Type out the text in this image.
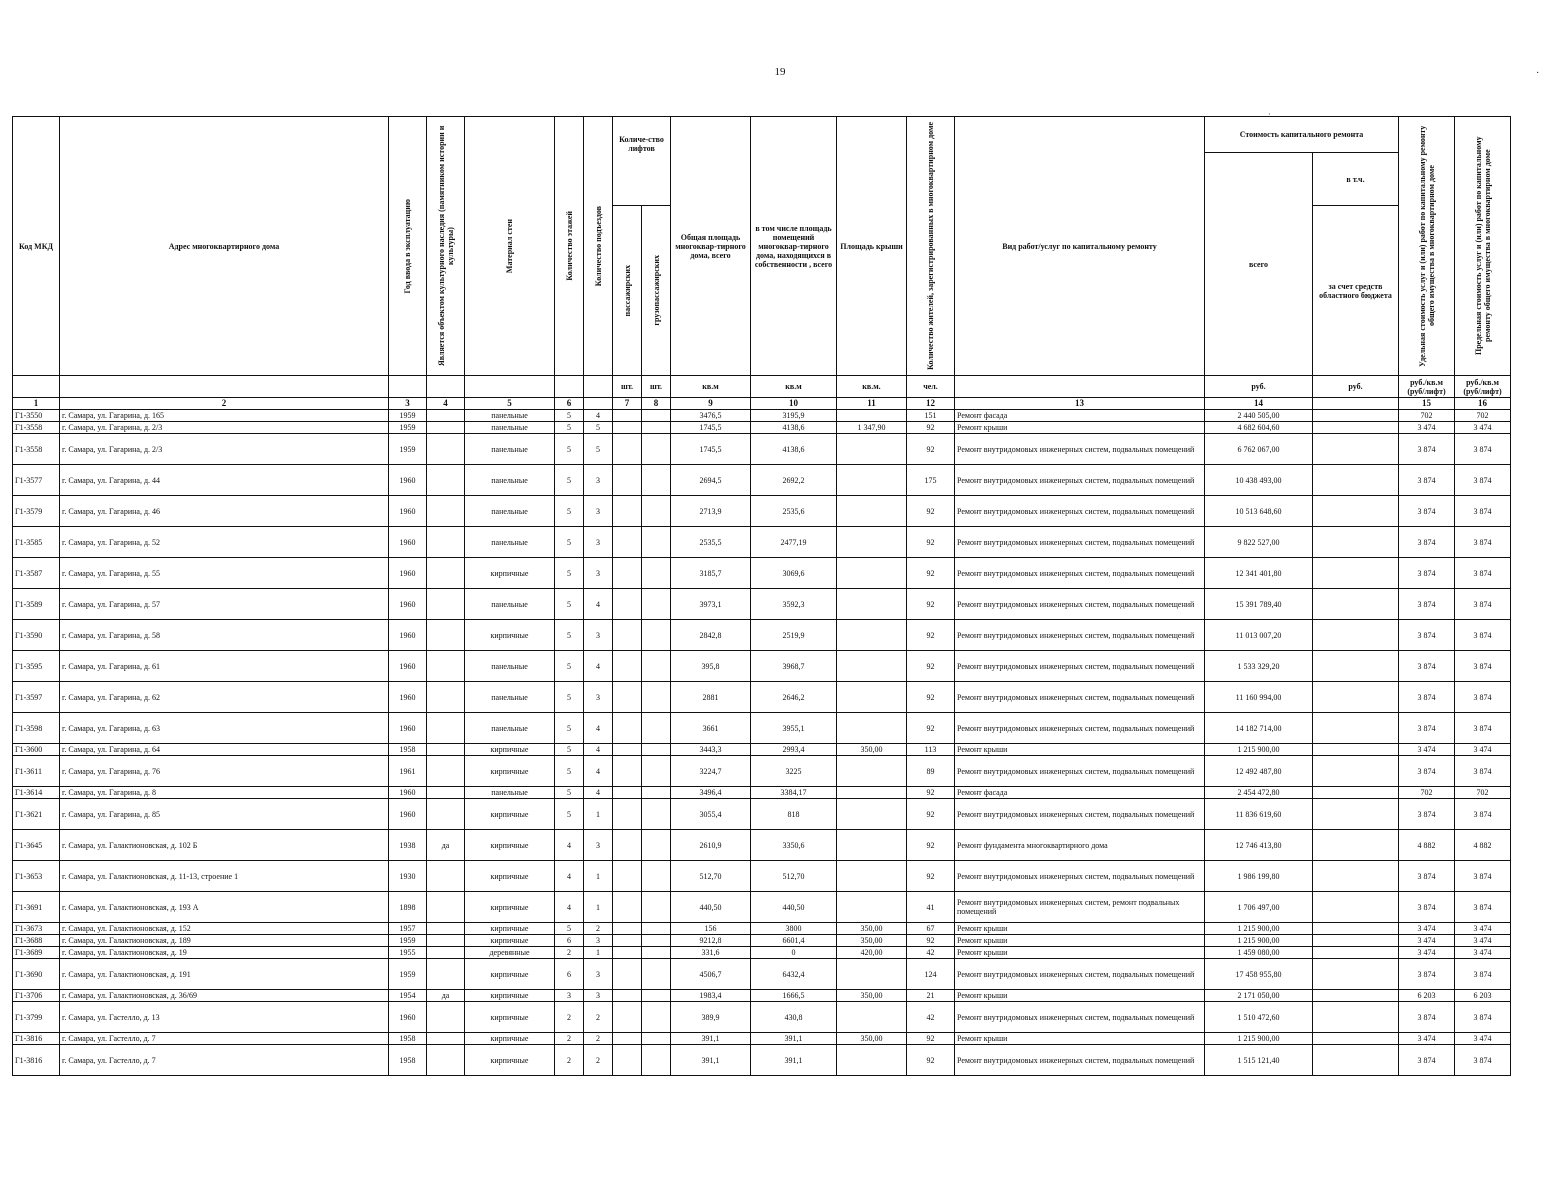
19	·
·
Код МКД	Адрес многоквартирного дома	Год ввода в эксплуатацию	Является объектом культурного наследия (памятником истории и культуры)	Материал стен	Количество этажей	Количество подъездов	Количе-ство лифтов		Общая площадь многоквар-тирного дома, всего	в том числе площадь помещений многоквар-тирного дома, находящихся в собственности , всего	Площадь крыши	Количество жителей, зарегистрированных в многоквартирном доме	Вид работ/услуг по капитальному ремонту	Стоимость капитального ремонта		Удельная стоимость услуг и (или) работ по капитальному ремонту общего имущества в многоквартирном доме	Предельная стоимость услуг и (или) работ по капитальному ремонту общего имущества в многоквартирном доме

														всего	в т.ч.		

							пассажирских	грузопассажирских							за счет средств областного бюджета		
							шт.	шт.	кв.м	кв.м	кв.м.	чел.		руб.	руб.	руб./кв.м (руб/лифт)	руб./кв.м (руб/лифт)
1	2	3	4	5	6		7	8	9	10	11	12	13	14		15	16
Г1-3550	г. Самара, ул. Гагарина, д. 165	1959		панельные	5	4			3476,5	3195,9		151	Ремонт фасада	2 440 505,00		702	702
Г1-3558	г. Самара, ул. Гагарина, д. 2/3	1959		панельные	5	5			1745,5	4138,6	1 347,90	92	Ремонт крыши	4 682 604,60		3 474	3 474
Г1-3558	г. Самара, ул. Гагарина, д. 2/3	1959		панельные	5	5			1745,5	4138,6		92	Ремонт внутридомовых инженерных систем, подвальных помещений	6 762 067,00		3 874	3 874
Г1-3577	г. Самара, ул. Гагарина, д. 44	1960		панельные	5	3			2694,5	2692,2		175	Ремонт внутридомовых инженерных систем, подвальных помещений	10 438 493,00		3 874	3 874
Г1-3579	г. Самара, ул. Гагарина, д. 46	1960		панельные	5	3			2713,9	2535,6		92	Ремонт внутридомовых инженерных систем, подвальных помещений	10 513 648,60		3 874	3 874
Г1-3585	г. Самара, ул. Гагарина, д. 52	1960		панельные	5	3			2535,5	2477,19		92	Ремонт внутридомовых инженерных систем, подвальных помещений	9 822 527,00		3 874	3 874
Г1-3587	г. Самара, ул. Гагарина, д. 55	1960		кирпичные	5	3			3185,7	3069,6		92	Ремонт внутридомовых инженерных систем, подвальных помещений	12 341 401,80		3 874	3 874
Г1-3589	г. Самара, ул. Гагарина, д. 57	1960		панельные	5	4			3973,1	3592,3		92	Ремонт внутридомовых инженерных систем, подвальных помещений	15 391 789,40		3 874	3 874
Г1-3590	г. Самара, ул. Гагарина, д. 58	1960		кирпичные	5	3			2842,8	2519,9		92	Ремонт внутридомовых инженерных систем, подвальных помещений	11 013 007,20		3 874	3 874
Г1-3595	г. Самара, ул. Гагарина, д. 61	1960		панельные	5	4			395,8	3968,7		92	Ремонт внутридомовых инженерных систем, подвальных помещений	1 533 329,20		3 874	3 874
Г1-3597	г. Самара, ул. Гагарина, д. 62	1960		панельные	5	3			2881	2646,2		92	Ремонт внутридомовых инженерных систем, подвальных помещений	11 160 994,00		3 874	3 874
Г1-3598	г. Самара, ул. Гагарина, д. 63	1960		панельные	5	4			3661	3955,1		92	Ремонт внутридомовых инженерных систем, подвальных помещений	14 182 714,00		3 874	3 874
Г1-3600	г. Самара, ул. Гагарина, д. 64	1958		кирпичные	5	4			3443,3	2993,4	350,00	113	Ремонт крыши	1 215 900,00		3 474	3 474
Г1-3611	г. Самара, ул. Гагарина, д. 76	1961		кирпичные	5	4			3224,7	3225		89	Ремонт внутридомовых инженерных систем, подвальных помещений	12 492 487,80		3 874	3 874
Г1-3614	г. Самара, ул. Гагарина, д. 8	1960		панельные	5	4			3496,4	3384,17		92	Ремонт фасада	2 454 472,80		702	702
Г1-3621	г. Самара, ул. Гагарина, д. 85	1960		кирпичные	5	1			3055,4	818		92	Ремонт внутридомовых инженерных систем, подвальных помещений	11 836 619,60		3 874	3 874
Г1-3645	г. Самара, ул. Галактионовская, д. 102 Б	1938	да	кирпичные	4	3			2610,9	3350,6		92	Ремонт фундамента многоквартирного дома	12 746 413,80		4 882	4 882
Г1-3653	г. Самара, ул. Галактионовская, д. 11-13, строение 1	1930		кирпичные	4	1			512,70	512,70		92	Ремонт внутридомовых инженерных систем, подвальных помещений	1 986 199,80		3 874	3 874
Г1-3691	г. Самара, ул. Галактионовская, д. 193 А	1898		кирпичные	4	1			440,50	440,50		41	Ремонт внутридомовых инженерных систем, ремонт подвальных помещений	1 706 497,00		3 874	3 874
Г1-3673	г. Самара, ул. Галактионовская, д. 152	1957		кирпичные	5	2			156	3800	350,00	67	Ремонт крыши	1 215 900,00		3 474	3 474
Г1-3688	г. Самара, ул. Галактионовская, д. 189	1959		кирпичные	6	3			9212,8	6601,4	350,00	92	Ремонт крыши	1 215 900,00		3 474	3 474
Г1-3689	г. Самара, ул. Галактионовская, д. 19	1955		деревянные	2	1			331,6	0	420,00	42	Ремонт крыши	1 459 080,00		3 474	3 474
Г1-3690	г. Самара, ул. Галактионовская, д. 191	1959		кирпичные	6	3			4506,7	6432,4		124	Ремонт внутридомовых инженерных систем, подвальных помещений	17 458 955,80		3 874	3 874
Г1-3706	г. Самара, ул. Галактионовская, д. 36/69	1954	да	кирпичные	3	3			1983,4	1666,5	350,00	21	Ремонт крыши	2 171 050,00		6 203	6 203
Г1-3799	г. Самара, ул. Гастелло, д. 13	1960		кирпичные	2	2			389,9	430,8		42	Ремонт внутридомовых инженерных систем, подвальных помещений	1 510 472,60		3 874	3 874
Г1-3816	г. Самара, ул. Гастелло, д. 7	1958		кирпичные	2	2			391,1	391,1	350,00	92	Ремонт крыши	1 215 900,00		3 474	3 474
Г1-3816	г. Самара, ул. Гастелло, д. 7	1958		кирпичные	2	2			391,1	391,1		92	Ремонт внутридомовых инженерных систем, подвальных помещений	1 515 121,40		3 874	3 874
